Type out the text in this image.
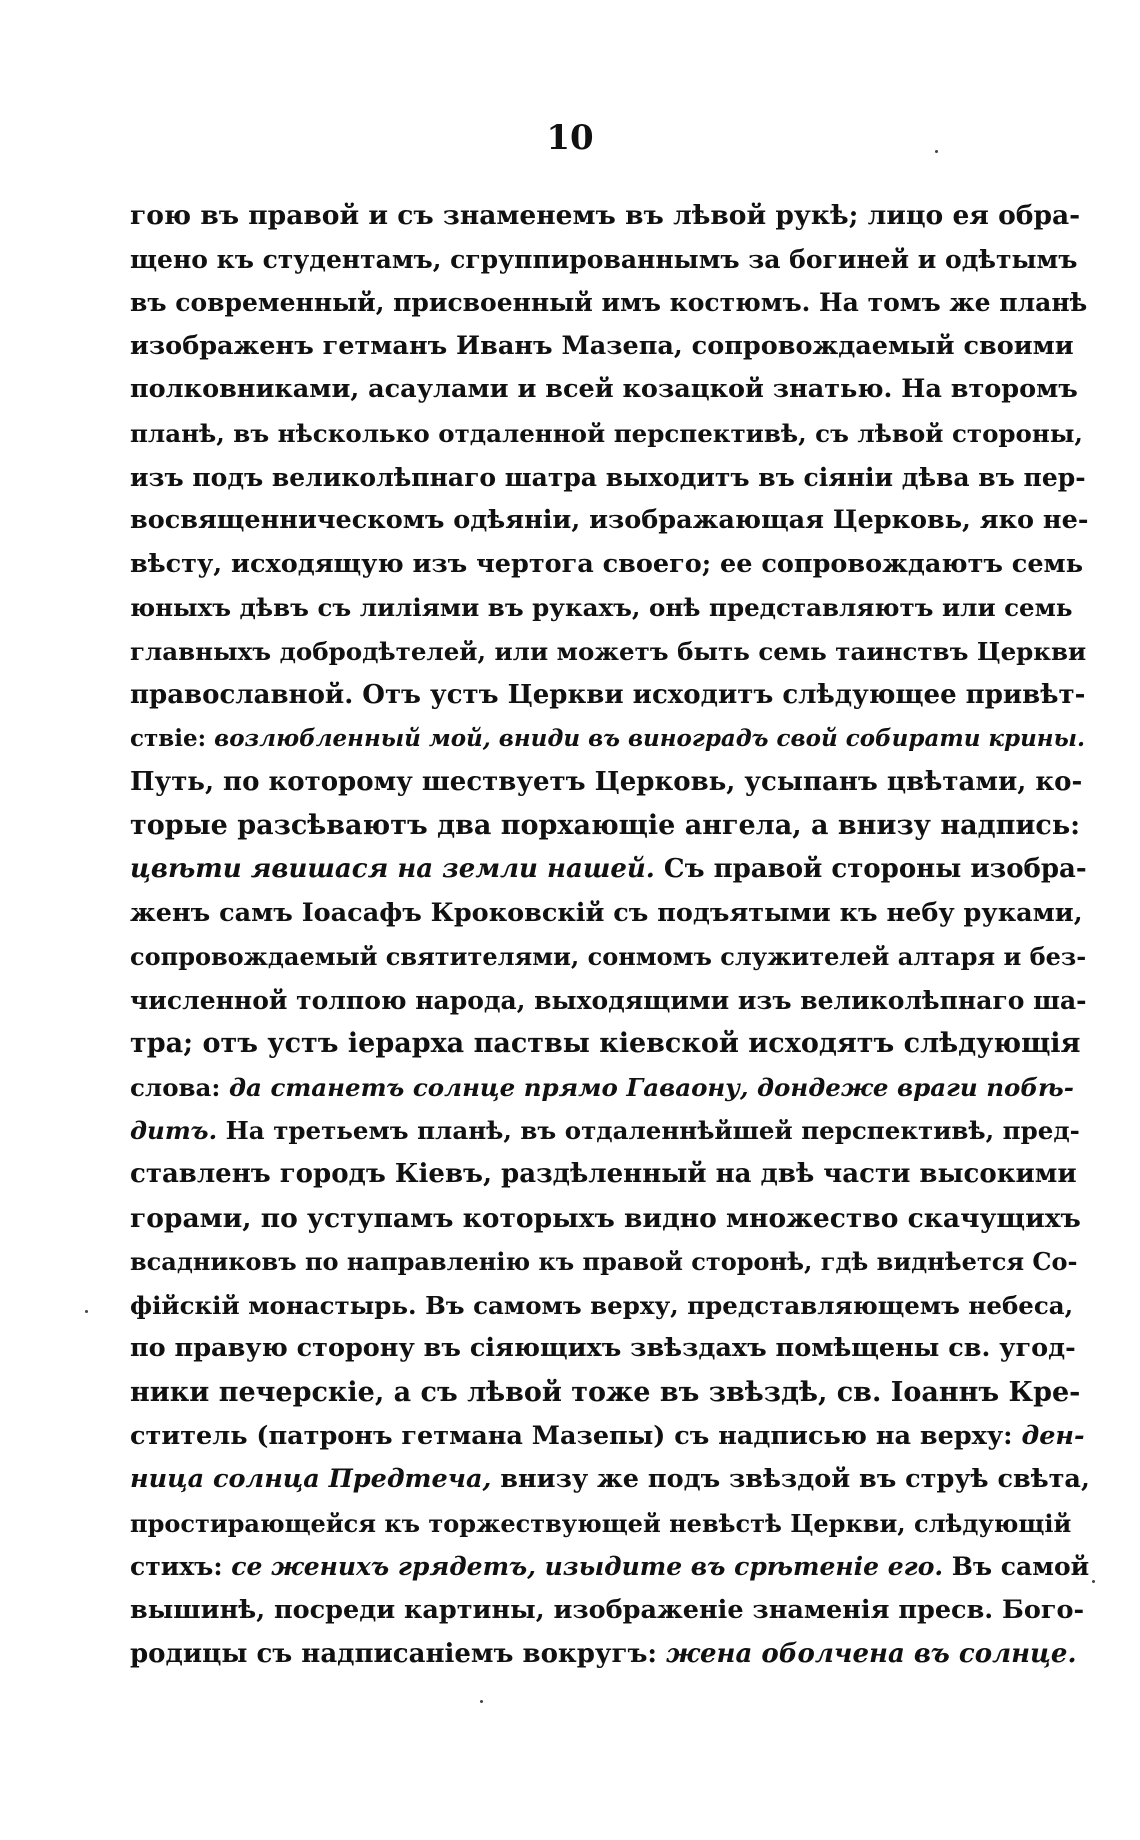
10
гою въ правой и съ знаменемъ въ лѣвой рукѣ; лицо ея обра-
щено къ студентамъ, сгруппированнымъ за богиней и одѣтымъ
въ современный, присвоенный имъ костюмъ. На томъ же планѣ
изображенъ гетманъ Иванъ Мазепа, сопровождаемый своими
полковниками, асаулами и всей козацкой знатью. На второмъ
планѣ, въ нѣсколько отдаленной перспективѣ, съ лѣвой стороны,
изъ подъ великолѣпнаго шатра выходитъ въ сіяніи дѣва въ пер-
восвященническомъ одѣяніи, изображающая Церковь, яко не-
вѣсту, исходящую изъ чертога своего; ее сопровождаютъ семь
юныхъ дѣвъ съ лиліями въ рукахъ, онѣ представляютъ или семь
главныхъ добродѣтелей, или можетъ быть семь таинствъ Церкви
православной. Отъ устъ Церкви исходитъ слѣдующее привѣт-
ствіе: возлюбленный мой, вниди въ виноградъ свой собирати крины.
Путь, по которому шествуетъ Церковь, усыпанъ цвѣтами, ко-
торые разсѣваютъ два порхающіе ангела, а внизу надпись:
цвѣти явишася на земли нашей. Съ правой стороны изобра-
женъ самъ Іоасафъ Кроковскій съ подъятыми къ небу руками,
сопровождаемый святителями, сонмомъ служителей алтаря и без-
численной толпою народа, выходящими изъ великолѣпнаго ша-
тра; отъ устъ іерарха паствы кіевской исходятъ слѣдующія
слова: да станетъ солнце прямо Гаваону, дондеже враги побѣ-
дитъ. На третьемъ планѣ, въ отдаленнѣйшей перспективѣ, пред-
ставленъ городъ Кіевъ, раздѣленный на двѣ части высокими
горами, по уступамъ которыхъ видно множество скачущихъ
всадниковъ по направленію къ правой сторонѣ, гдѣ виднѣется Со-
фійскій монастырь. Въ самомъ верху, представляющемъ небеса,
по правую сторону въ сіяющихъ звѣздахъ помѣщены св. угод-
ники печерскіе, а съ лѣвой тоже въ звѣздѣ, св. Іоаннъ Кре-
ститель (патронъ гетмана Мазепы) съ надписью на верху: ден-
ница солнца Предтеча, внизу же подъ звѣздой въ струѣ свѣта,
простирающейся къ торжествующей невѣстѣ Церкви, слѣдующій
стихъ: се женихъ грядетъ, изыдите въ срѣтеніе его. Въ самой
вышинѣ, посреди картины, изображеніе знаменія пресв. Бого-
родицы съ надписаніемъ вокругъ: жена оболчена въ солнце.
